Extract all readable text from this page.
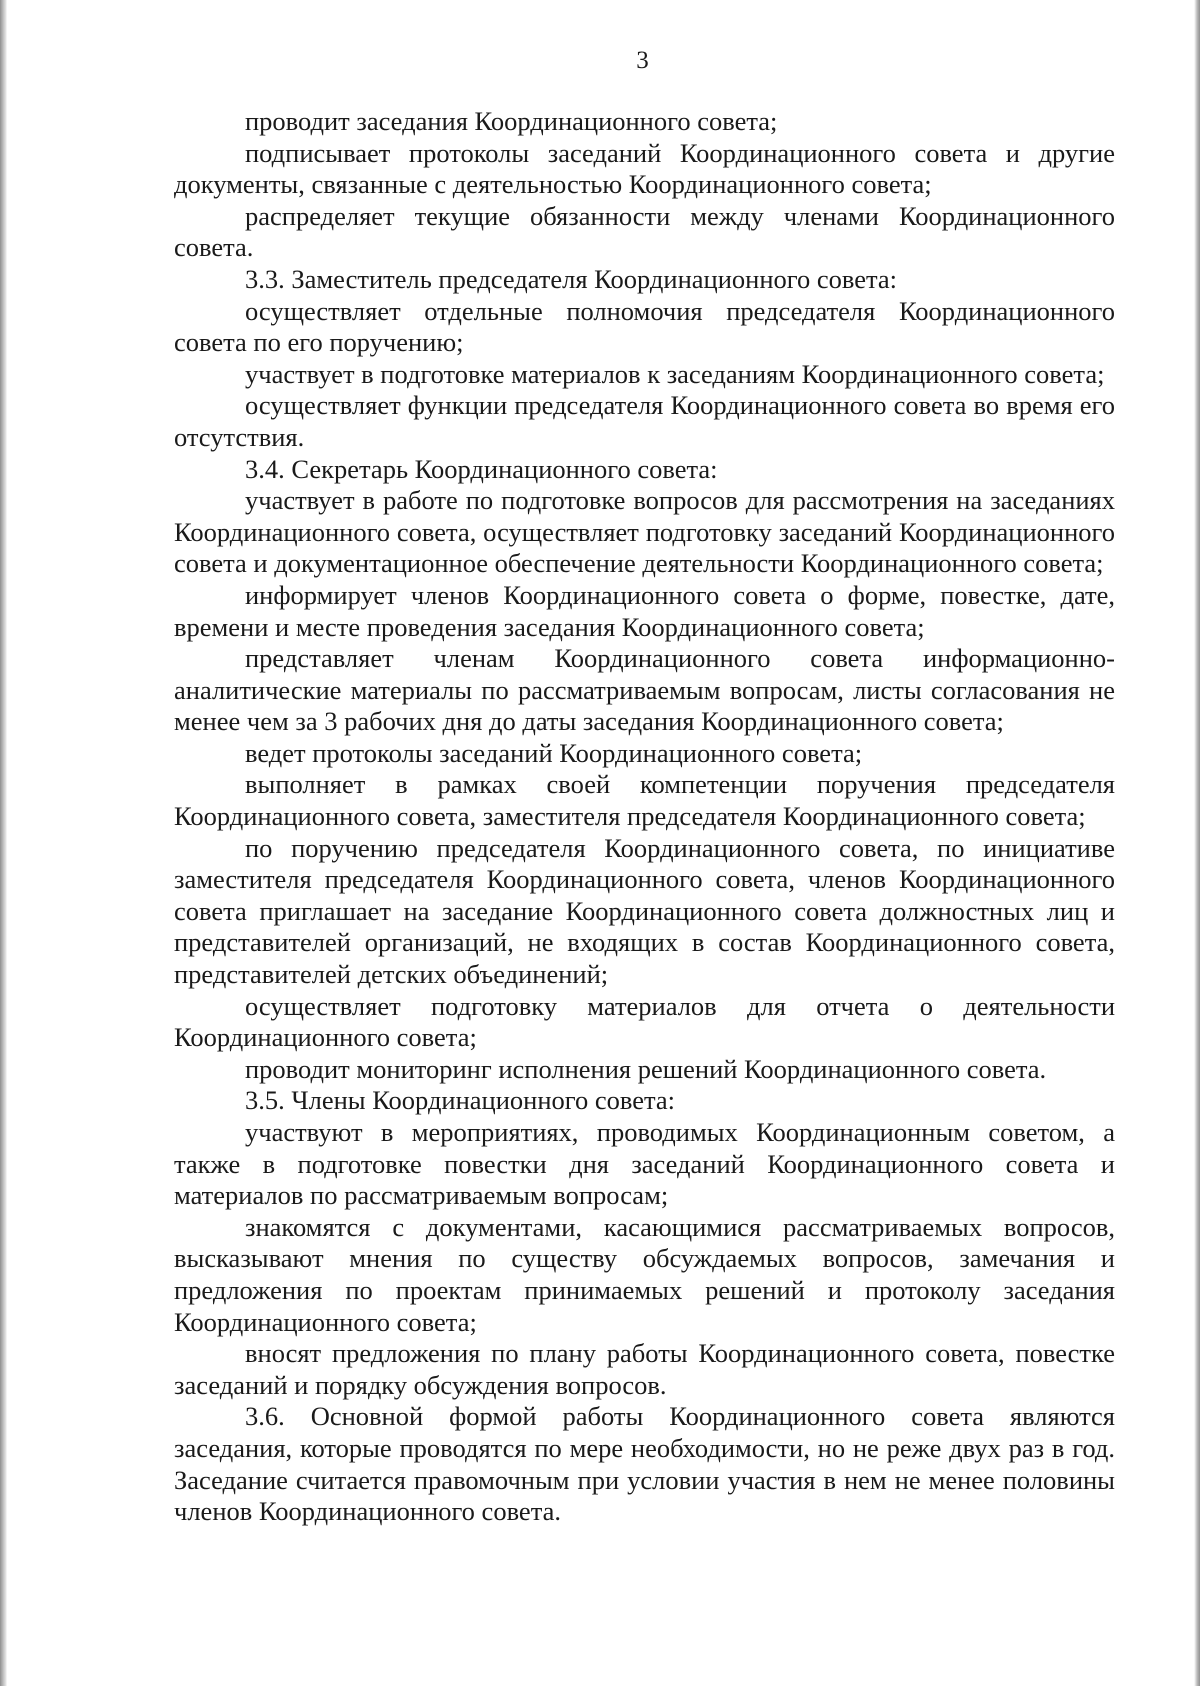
3

проводит заседания Координационного совета;

подписывает протоколы заседаний Координационного совета и другие документы, связанные с деятельностью Координационного совета;

распределяет текущие обязанности между членами Координационного совета.

3.3. Заместитель председателя Координационного совета:

осуществляет отдельные полномочия председателя Координационного совета по его поручению;

участвует в подготовке материалов к заседаниям Координационного совета;

осуществляет функции председателя Координационного совета во время его отсутствия.

3.4. Секретарь Координационного совета:

участвует в работе по подготовке вопросов для рассмотрения на заседаниях Координационного совета, осуществляет подготовку заседаний Координационного совета и документационное обеспечение деятельности Координационного совета;

информирует членов Координационного совета о форме, повестке, дате, времени и месте проведения заседания Координационного совета;

представляет членам Координационного совета информационно-аналитические материалы по рассматриваемым вопросам, листы согласования не менее чем за 3 рабочих дня до даты заседания Координационного совета;

ведет протоколы заседаний Координационного совета;

выполняет в рамках своей компетенции поручения председателя Координационного совета, заместителя председателя Координационного совета;

по поручению председателя Координационного совета, по инициативе заместителя председателя Координационного совета, членов Координационного совета приглашает на заседание Координационного совета должностных лиц и представителей организаций, не входящих в состав Координационного совета, представителей детских объединений;

осуществляет подготовку материалов для отчета о деятельности Координационного совета;

проводит мониторинг исполнения решений Координационного совета.

3.5. Члены Координационного совета:

участвуют в мероприятиях, проводимых Координационным советом, а также в подготовке повестки дня заседаний Координационного совета и материалов по рассматриваемым вопросам;

знакомятся с документами, касающимися рассматриваемых вопросов, высказывают мнения по существу обсуждаемых вопросов, замечания и предложения по проектам принимаемых решений и протоколу заседания Координационного совета;

вносят предложения по плану работы Координационного совета, повестке заседаний и порядку обсуждения вопросов.

3.6. Основной формой работы Координационного совета являются заседания, которые проводятся по мере необходимости, но не реже двух раз в год. Заседание считается правомочным при условии участия в нем не менее половины членов Координационного совета.
